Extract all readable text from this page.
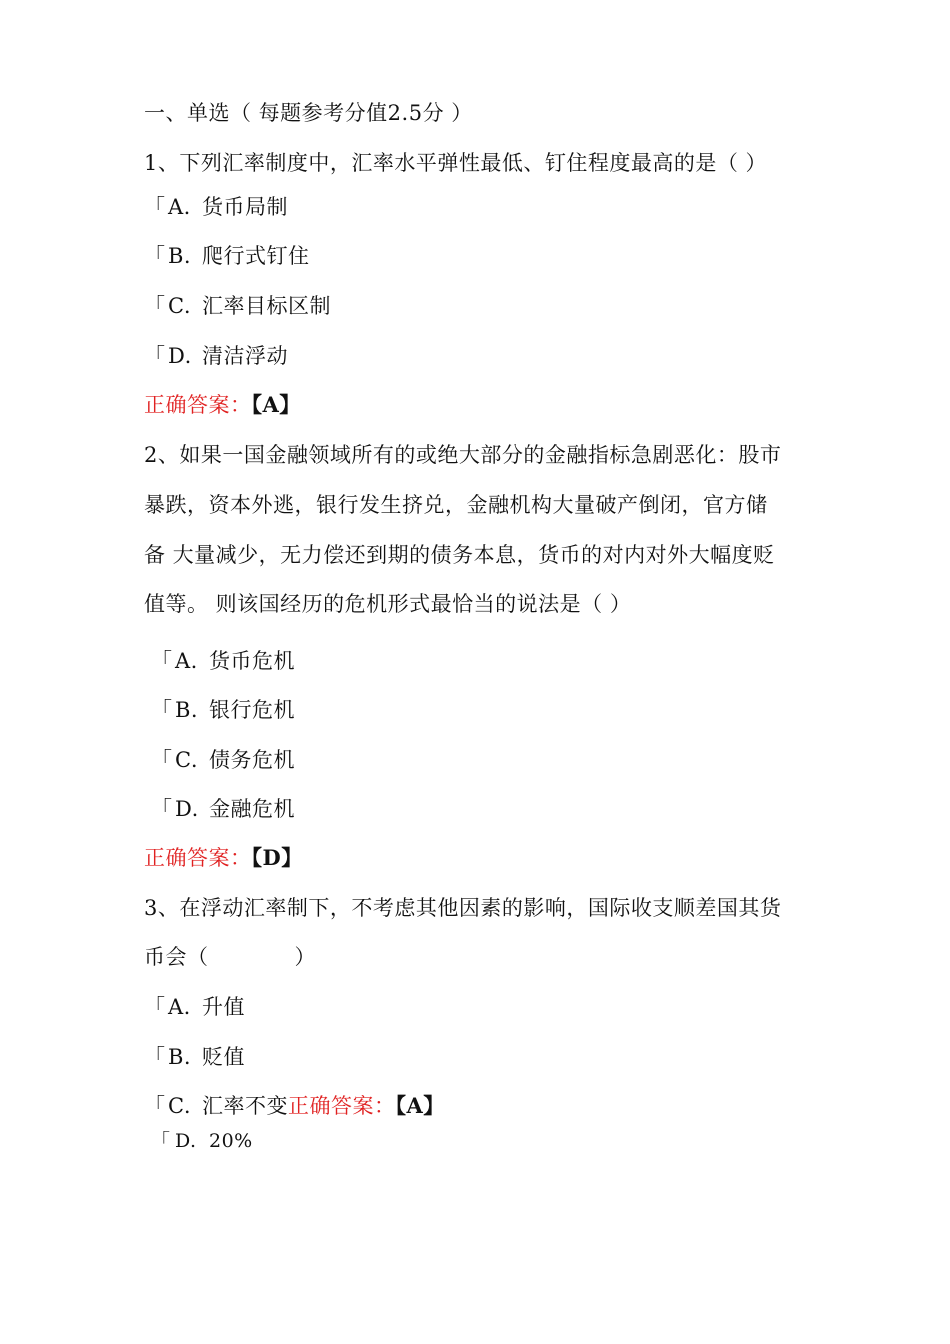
一、单选（ 每题参考分值2.5分 ）
1、下列汇率制度中，汇率水平弹性最低、钉住程度最高的是（ ）
「 A. 货币局制
「 B. 爬行式钉住
「 C. 汇率目标区制
「 D. 清洁浮动
正确答案：【A】
2、如果一国金融领域所有的或绝大部分的金融指标急剧恶化：股市
暴跌，资本外逃，银行发生挤兑，金融机构大量破产倒闭，官方储
备 大量减少，无力偿还到期的债务本息，货币的对内对外大幅度贬
值等。 则该国经历的危机形式最恰当的说法是（ ）
「 A. 货币危机
「 B. 银行危机
「 C. 债务危机
「 D. 金融危机
正确答案：【D】
3、在浮动汇率制下，不考虑其他因素的影响，国际收支顺差国其货
币会（　　　　）
「 A. 升值
「 B. 贬值
「 C. 汇率不变正确答案：【A】
「 D. 20%
